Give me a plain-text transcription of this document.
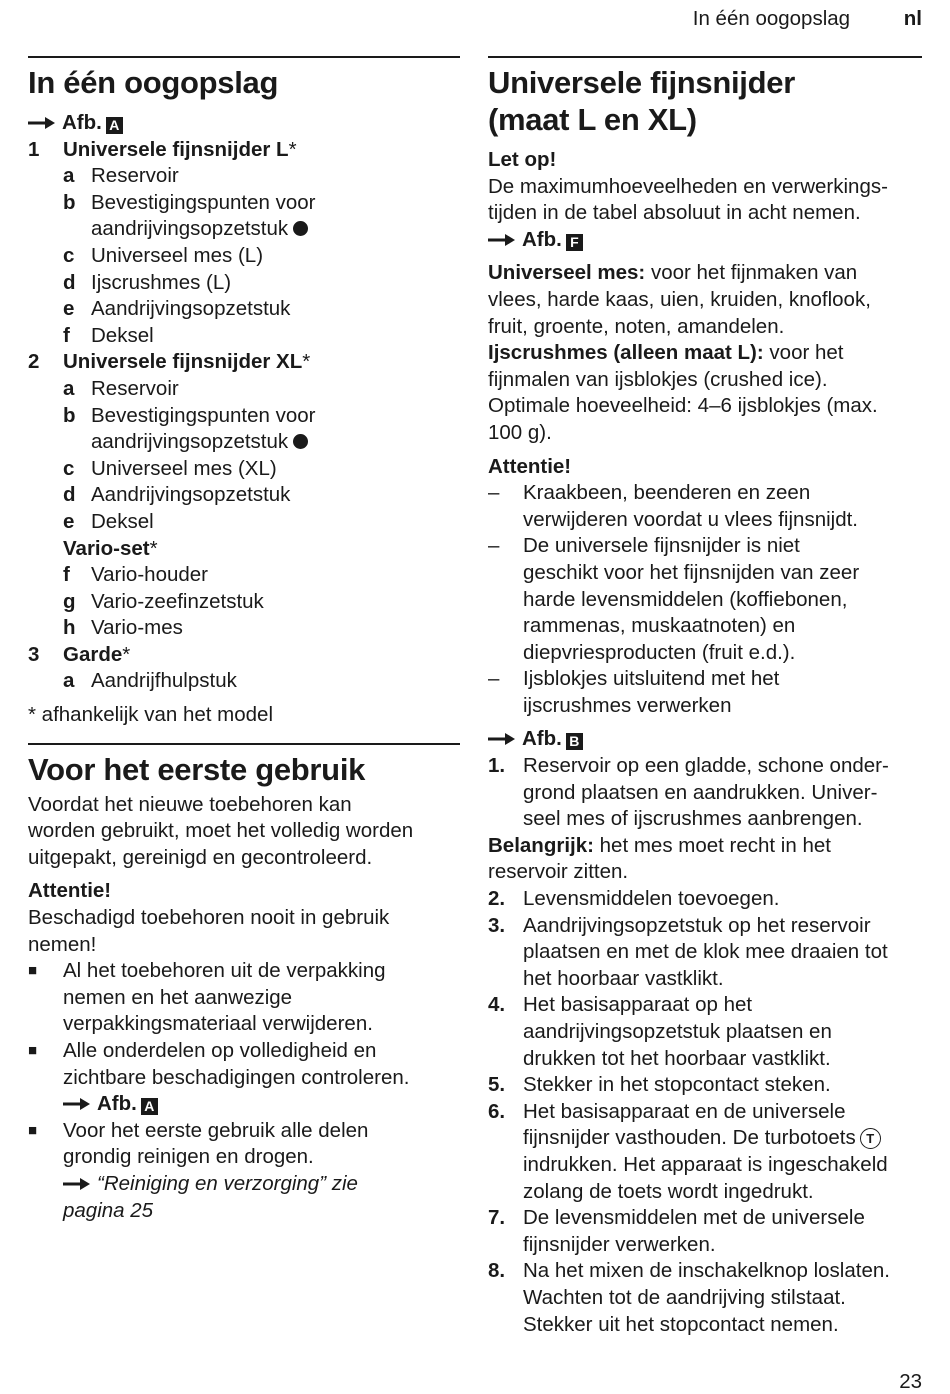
In één oogopslag	nl
In één oogopslag

Afb. A

1	Universele fijnsnijder L*
a Reservoir
b Bevestigingspunten voor
aandrijvingsopzetstuk
c Universeel mes (L)
d Ijscrushmes (L)
e Aandrijvingsopzetstuk
f	Deksel
2	Universele fijnsnijder XL*
a Reservoir
b Bevestigingspunten voor
aandrijvingsopzetstuk
c Universeel mes (XL)
d Aandrijvingsopzetstuk
e Deksel
Vario-set*
f	Vario-houder
g Vario-zeefinzetstuk
h Vario-mes
3	Garde*
a Aandrijfhulpstuk

* afhankelijk van het model

Voor het eerste gebruik

Voordat het nieuwe toebehoren kan
worden gebruikt, moet het volledig worden
uitgepakt, gereinigd en gecontroleerd.

Attentie!

Beschadigd toebehoren nooit in gebruik
nemen!

■	Al het toebehoren uit de verpakking
nemen en het aanwezige
verpakkingsmateriaal verwijderen.
■	Alle onderdelen op volledigheid en
zichtbare beschadigingen controleren.
Afb. A
■	Voor het eerste gebruik alle delen
grondig reinigen en drogen.
“Reiniging en verzorging” zie
pagina 25
Universele fijnsnijder
(maat L en XL)

Let op!

De maximumhoeveelheden en verwerkings-
tijden in de tabel absoluut in acht nemen.

Afb. F

Universeel mes: voor het fijnmaken van
vlees, harde kaas, uien, kruiden, knoflook,
fruit, groente, noten, amandelen.

Ijscrushmes (alleen maat L): voor het
fijnmalen van ijsblokjes (crushed ice).
Optimale hoeveelheid: 4–6 ijsblokjes (max.
100 g).

Attentie!

–	Kraakbeen, beenderen en zeen
verwijderen voordat u vlees fijnsnijdt.
–	De universele fijnsnijder is niet
geschikt voor het fijnsnijden van zeer
harde levensmiddelen (koffiebonen,
rammenas, muskaatnoten) en
diepvriesproducten (fruit e.d.).
–	Ijsblokjes uitsluitend met het
ijscrushmes verwerken

Afb. B

1. Reservoir op een gladde, schone onder-
grond plaatsen en aandrukken. Univer-
seel mes of ijscrushmes aanbrengen.

Belangrijk: het mes moet recht in het
reservoir zitten.

2. Levensmiddelen toevoegen.
3. Aandrijvingsopzetstuk op het reservoir
plaatsen en met de klok mee draaien tot
het hoorbaar vastklikt.
4. Het basisapparaat op het
aandrijvingsopzetstuk plaatsen en
drukken tot het hoorbaar vastklikt.
5. Stekker in het stopcontact steken.
6. Het basisapparaat en de universele
fijnsnijder vasthouden. De turbotoets T
indrukken. Het apparaat is ingeschakeld
zolang de toets wordt ingedrukt.
7. De levensmiddelen met de universele
fijnsnijder verwerken.
8. Na het mixen de inschakelknop loslaten.
Wachten tot de aandrijving stilstaat.
Stekker uit het stopcontact nemen.
23
